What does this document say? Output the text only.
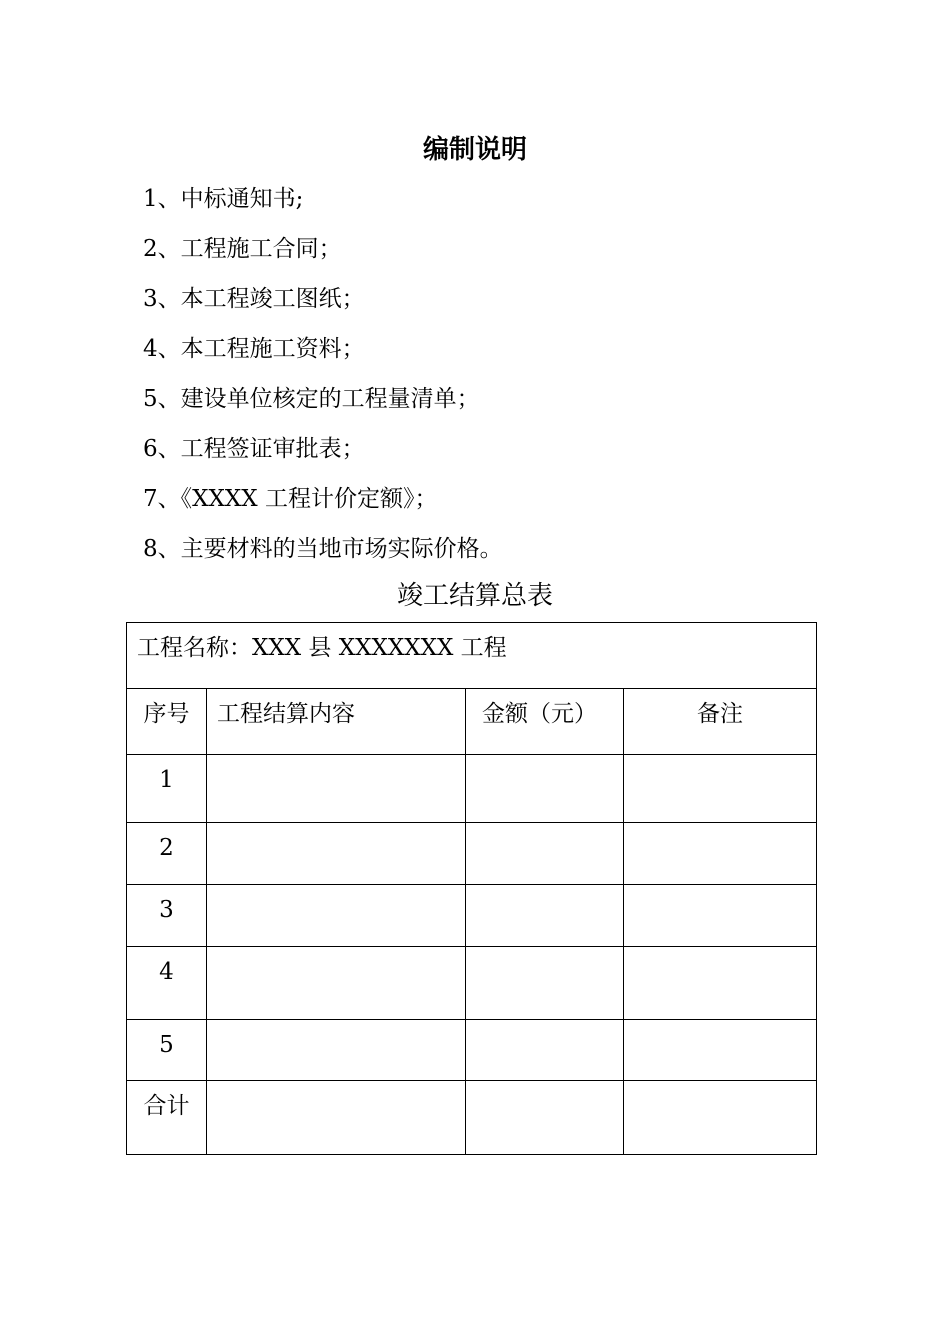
编制说明
1、中标通知书;
2、工程施工合同；
3、本工程竣工图纸；
4、本工程施工资料；
5、建设单位核定的工程量清单；
6、工程签证审批表；
7、《XXXX 工程计价定额》；
8、主要材料的当地市场实际价格。
竣工结算总表
工程名称：XXX 县 XXXXXXX 工程			
序号	工程结算内容	金额（元）	备注
1			
2			
3			
4			
5			
合计			
